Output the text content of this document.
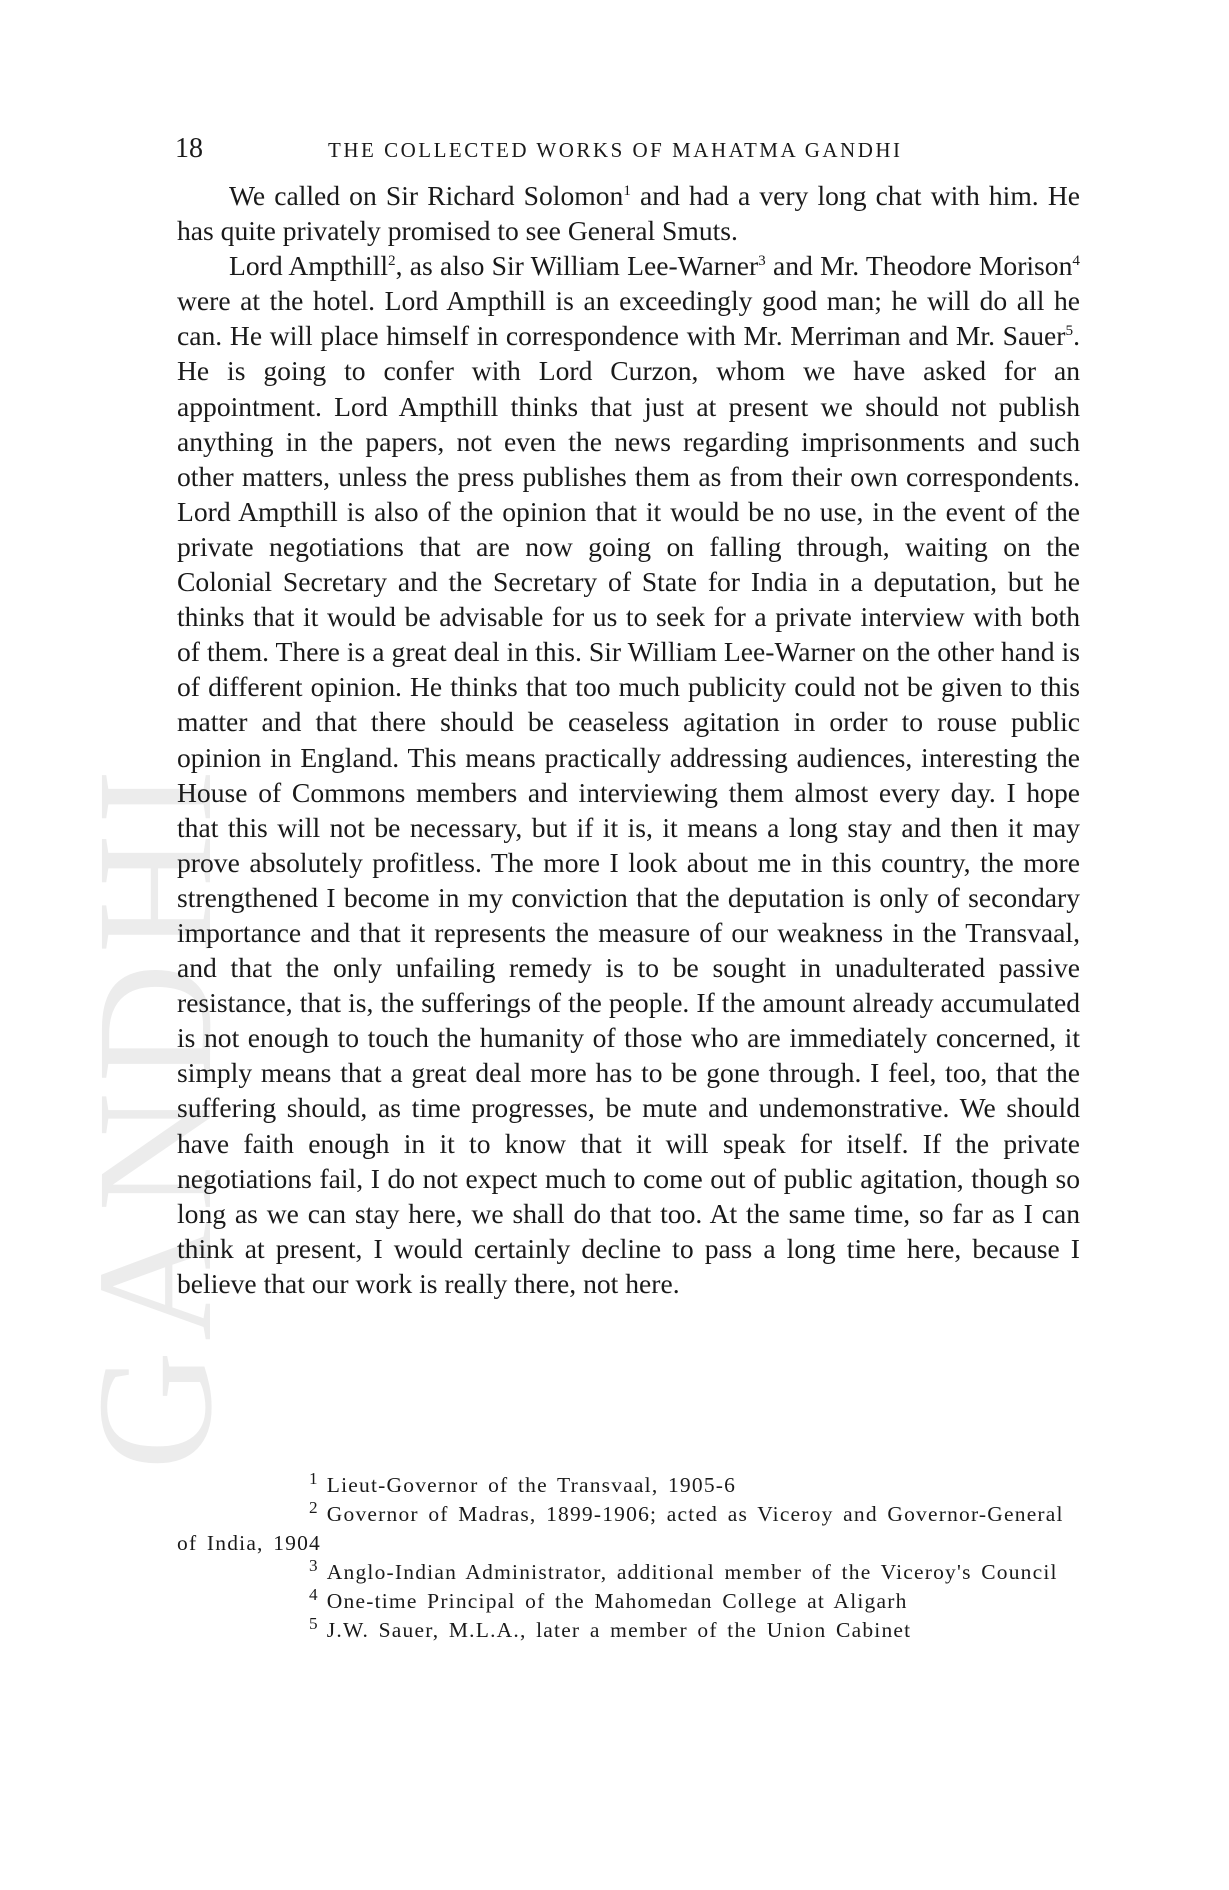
GANDHI
18	THE COLLECTED WORKS OF MAHATMA GANDHI

We called on Sir Richard Solomon$^1$ and had a very long chat with him. He has quite privately promised to see General Smuts.

Lord Ampthill$^2$, as also Sir William Lee-Warner$^3$ and Mr. Theodore Morison$^4$ were at the hotel. Lord Ampthill is an exceedingly good man; he will do all he can. He will place himself in correspondence with Mr. Merriman and Mr. Sauer$^5$. He is going to confer with Lord Curzon, whom we have asked for an appointment. Lord Ampthill thinks that just at present we should not publish anything in the papers, not even the news regarding imprisonments and such other matters, unless the press publishes them as from their own correspondents. Lord Ampthill is also of the opinion that it would be no use, in the event of the private negotiations that are now going on falling through, waiting on the Colonial Secretary and the Secretary of State for India in a deputation, but he thinks that it would be advisable for us to seek for a private interview with both of them. There is a great deal in this. Sir William Lee-Warner on the other hand is of different opinion. He thinks that too much publicity could not be given to this matter and that there should be ceaseless agitation in order to rouse public opinion in England. This means practically addressing audiences, interesting the House of Commons members and interviewing them almost every day. I hope that this will not be necessary, but if it is, it means a long stay and then it may prove absolutely profitless. The more I look about me in this country, the more strengthened I become in my conviction that the deputation is only of secondary importance and that it represents the measure of our weakness in the Transvaal, and that the only unfailing remedy is to be sought in unadulterated passive resistance, that is, the sufferings of the people. If the amount already accumulated is not enough to touch the humanity of those who are immediately concerned, it simply means that a great deal more has to be gone through. I feel, too, that the suffering should, as time progresses, be mute and undemonstrative. We should have faith enough in it to know that it will speak for itself. If the private negotiations fail, I do not expect much to come out of public agitation, though so long as we can stay here, we shall do that too. At the same time, so far as I can think at present, I would certainly decline to pass a long time here, because I believe that our work is really there, not here.

1 Lieut-Governor of the Transvaal, 1905-6
2 Governor of Madras, 1899-1906; acted as Viceroy and Governor-General of India, 1904
3 Anglo-Indian Administrator, additional member of the Viceroy's Council
4 One-time Principal of the Mahomedan College at Aligarh
5 J.W. Sauer, M.L.A., later a member of the Union Cabinet
